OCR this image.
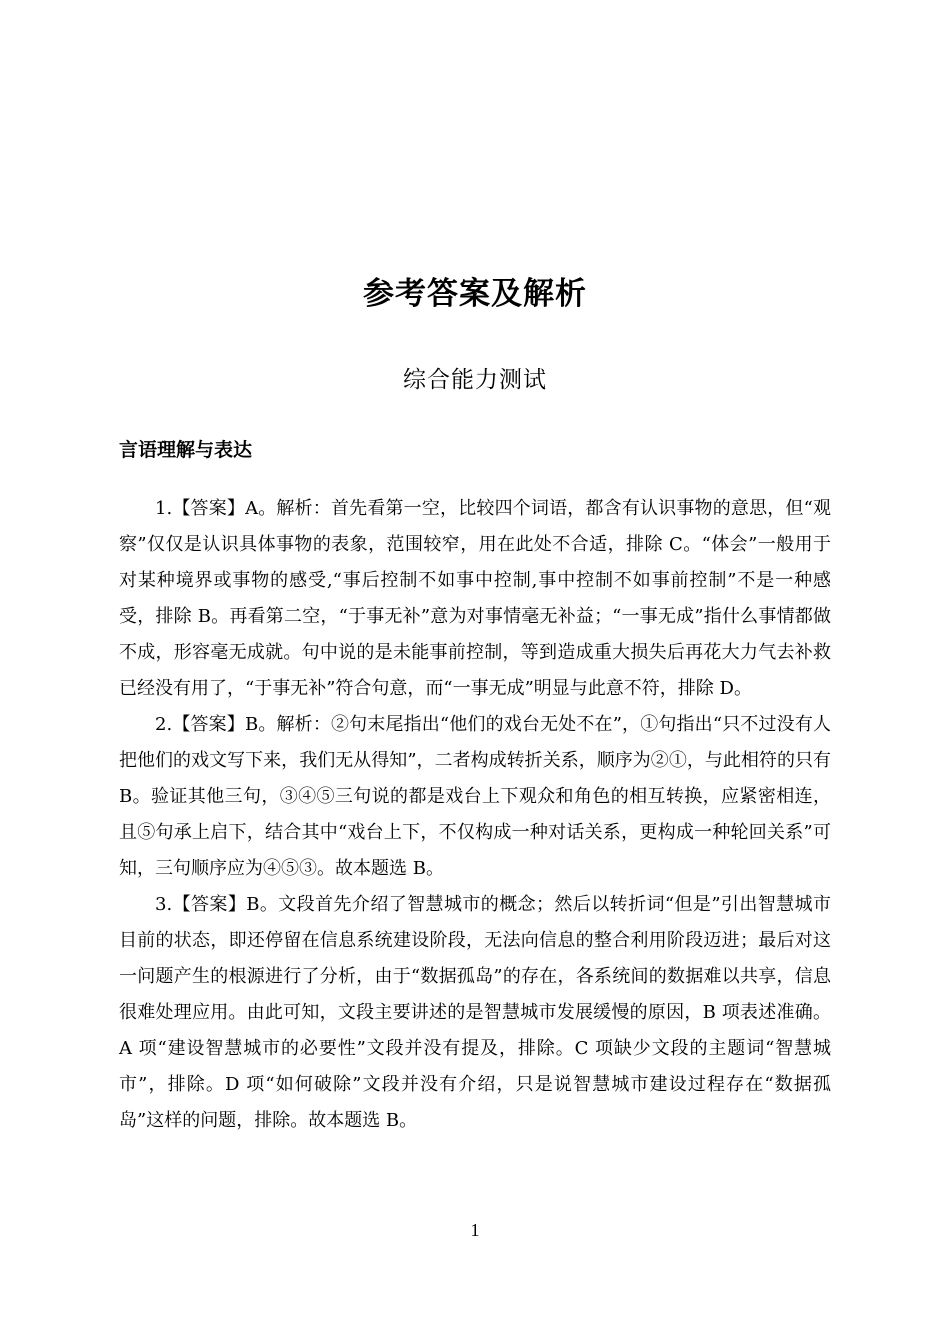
参考答案及解析
综合能力测试
言语理解与表达

1.【答案】A。解析：首先看第一空，比较四个词语，都含有认识事物的意思，但“观察”仅仅是认识具体事物的表象，范围较窄，用在此处不合适，排除 C。“体会”一般用于对某种境界或事物的感受,“事后控制不如事中控制,事中控制不如事前控制”不是一种感受，排除 B。再看第二空，“于事无补”意为对事情毫无补益；“一事无成”指什么事情都做不成，形容毫无成就。句中说的是未能事前控制，等到造成重大损失后再花大力气去补救已经没有用了，“于事无补”符合句意，而“一事无成”明显与此意不符，排除 D。

2.【答案】B。解析：②句末尾指出“他们的戏台无处不在”，①句指出“只不过没有人把他们的戏文写下来，我们无从得知”，二者构成转折关系，顺序为②①，与此相符的只有 B。验证其他三句，③④⑤三句说的都是戏台上下观众和角色的相互转换，应紧密相连，且⑤句承上启下，结合其中“戏台上下，不仅构成一种对话关系，更构成一种轮回关系”可知，三句顺序应为④⑤③。故本题选 B。

3.【答案】B。文段首先介绍了智慧城市的概念；然后以转折词“但是”引出智慧城市目前的状态，即还停留在信息系统建设阶段，无法向信息的整合利用阶段迈进；最后对这一问题产生的根源进行了分析，由于“数据孤岛”的存在，各系统间的数据难以共享，信息很难处理应用。由此可知，文段主要讲述的是智慧城市发展缓慢的原因，B 项表述准确。A 项“建设智慧城市的必要性”文段并没有提及，排除。C 项缺少文段的主题词“智慧城市”，排除。D 项“如何破除”文段并没有介绍，只是说智慧城市建设过程存在“数据孤岛”这样的问题，排除。故本题选 B。

1
